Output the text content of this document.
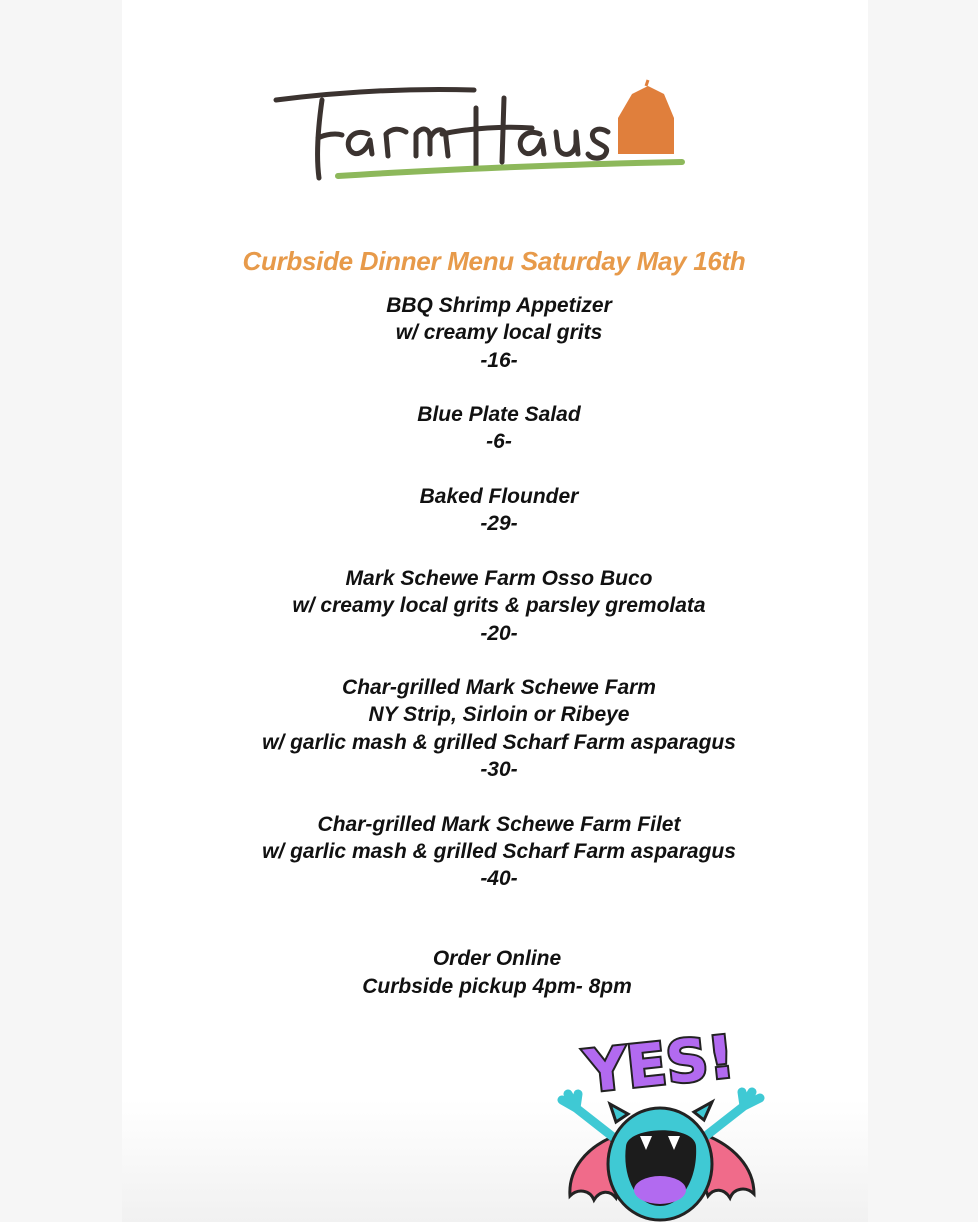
Curbside Dinner Menu Saturday May 16th
BBQ Shrimp Appetizer
w/ creamy local grits
-16-
Blue Plate Salad
-6-
Baked Flounder
-29-
Mark Schewe Farm Osso Buco
w/ creamy local grits & parsley gremolata
-20-
Char-grilled Mark Schewe Farm
NY Strip, Sirloin or Ribeye
w/ garlic mash & grilled Scharf Farm asparagus
-30-
Char-grilled Mark Schewe Farm Filet
w/ garlic mash & grilled Scharf Farm asparagus
-40-
Order Online
Curbside pickup 4pm- 8pm
YES!
